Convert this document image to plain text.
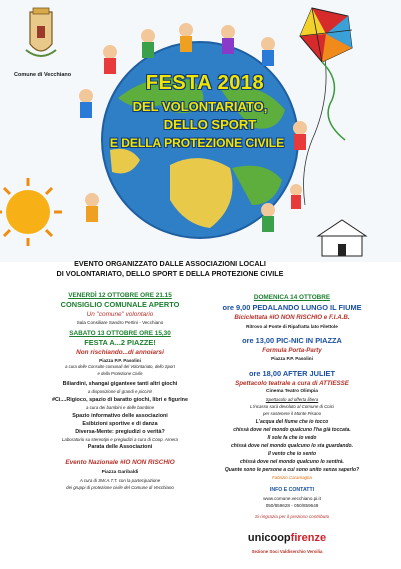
Comune di Vecchiano	FESTA 2018
DEL VOLONTARIATO,
DELLO SPORT
E DELLA PROTEZIONE CIVILE
EVENTO ORGANIZZATO DALLE ASSOCIAZIONI LOCALI
DI VOLONTARIATO, DELLO SPORT E DELLA PROTEZIONE CIVILE
VENERDÌ 12 OTTOBRE ORE 21.15
CONSIGLIO COMUNALE APERTO
Un "comune" volontario
Sala Consiliare Sandro Pertini - Vecchiano
SABATO 13 OTTOBRE ORE 15,30
FESTA A...2 PIAZZE!
Non rischiando...di annoiarsi
Piazza P.P. Pasolini
a cura delle Consulte comunali del Volontariato, dello Sport
e della Protezione Civile
Biliardini, shangai giganteee tanti altri giochi
a disposizione di grandi e piccini!
#Ci....Rigioco, spazio di baratto giochi, libri e figurine
a cura dei bambini e delle bambine
Spazio informativo delle associazioni
Esibizioni sportive e di danza
Diversa-Mente: pregiudizi o verità?
Laboratorio su stereotipi e pregiudizi a cura di Coop. Arnera
Parata delle Associazioni
Evento Nazionale #IO NON RISCHIO
Piazza Garibaldi
A cura di SW.A.T.T. con la partecipazione
dei gruppi di protezione civile del Comune di Vecchiano
DOMENICA 14 OTTOBRE
ore 9,00 PEDALANDO LUNGO IL FIUME
Biciclettata #IO NON RISCHIO e F.I.A.B.
Ritrovo al Ponte di Ripafratta lato Filettole
ore 13,00 PIC-NIC IN PIAZZA
Formula Porta-Party
Piazza P.P. Pasolini
ore 18,00 AFTER JULIET
Spettacolo teatrale a cura di ATTIESSE
Cinema Teatro Olimpia
Spettacolo ad offerta libera
L'incasso sarà devoluto al Comune di Coici
per sostenere il Monte Pisano
L'acqua del fiume che io tocco
chissà dove nel mondo qualcuno l'ha già toccata.
Il sole fa che io vedo
chissà dove nel mondo qualcuno lo sta guardando.
Il vento che io sento
chissà dove nel mondo qualcuno lo sentirà.
Quante sono le persone a cui sono unito senza saperlo?
Fabrizio Caramagna
INFO E CONTATTI
www.comune.vecchiano.pi.it
050/859628 - 050/859649
Si ringrazia per il prezioso contributo
unicoopfirenze
Sezione Soci Valdiserchio Versilia
